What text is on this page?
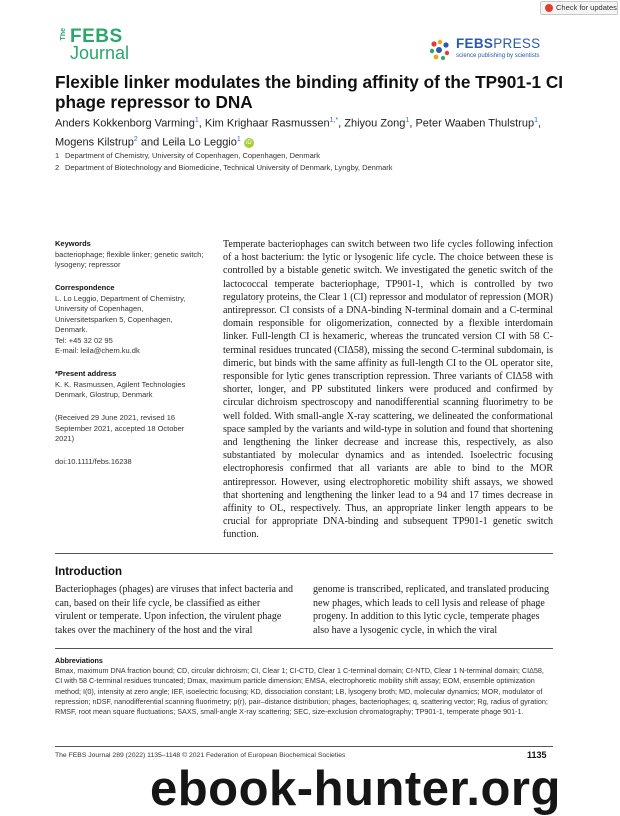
Check for updates
The FEBS
Journal	FEBSPRESS
science publishing by scientists
Flexible linker modulates the binding affinity of the TP901-1 CI phage repressor to DNA
Anders Kokkenborg Varming$^1$, Kim Krighaar Rasmussen$^{1,*}$, Zhiyou Zong$^1$, Peter Waaben Thulstrup$^1$, Mogens Kilstrup$^2$ and Leila Lo Leggio$^1$ iD
1 Department of Chemistry, University of Copenhagen, Copenhagen, Denmark
2 Department of Biotechnology and Biomedicine, Technical University of Denmark, Lyngby, Denmark
Keywords
bacteriophage; flexible linker; genetic switch; lysogeny; repressor
Correspondence
L. Lo Leggio, Department of Chemistry, University of Copenhagen, Universitetsparken 5, Copenhagen, Denmark.
Tel: +45 32 02 95
E-mail: leila@chem.ku.dk
*Present address
K. K. Rasmussen, Agilent Technologies Denmark, Glostrup, Denmark
(Received 29 June 2021, revised 16 September 2021, accepted 18 October 2021)
doi:10.1111/febs.16238
Temperate bacteriophages can switch between two life cycles following infection of a host bacterium: the lytic or lysogenic life cycle. The choice between these is controlled by a bistable genetic switch. We investigated the genetic switch of the lactococcal temperate bacteriophage, TP901-1, which is controlled by two regulatory proteins, the Clear 1 (CI) repressor and modulator of repression (MOR) antirepressor. CI consists of a DNA-binding N-terminal domain and a C-terminal domain responsible for oligomerization, connected by a flexible interdomain linker. Full-length CI is hexameric, whereas the truncated version CI with 58 C-terminal residues truncated (CIΔ58), missing the second C-terminal subdomain, is dimeric, but binds with the same affinity as full-length CI to the OL operator site, responsible for lytic genes transcription repression. Three variants of CIΔ58 with shorter, longer, and PP substituted linkers were produced and confirmed by circular dichroism spectroscopy and nanodifferential scanning fluorimetry to be well folded. With small-angle X-ray scattering, we delineated the conformational space sampled by the variants and wild-type in solution and found that shortening and lengthening the linker decrease and increase this, respectively, as also substantiated by molecular dynamics and as intended. Isoelectric focusing electrophoresis confirmed that all variants are able to bind to the MOR antirepressor. However, using electrophoretic mobility shift assays, we showed that shortening and lengthening the linker lead to a 94 and 17 times decrease in affinity to OL, respectively. Thus, an appropriate linker length appears to be crucial for appropriate DNA-binding and subsequent TP901-1 genetic switch function.
Introduction
Bacteriophages (phages) are viruses that infect bacteria and can, based on their life cycle, be classified as either virulent or temperate. Upon infection, the virulent phage takes over the machinery of the host and the viral
genome is transcribed, replicated, and translated producing new phages, which leads to cell lysis and release of phage progeny. In addition to this lytic cycle, temperate phages also have a lysogenic cycle, in which the viral
Abbreviations
Bmax, maximum DNA fraction bound; CD, circular dichroism; CI, Clear 1; CI-CTD, Clear 1 C-terminal domain; CI-NTD, Clear 1 N-terminal domain; CIΔ58, CI with 58 C-terminal residues truncated; Dmax, maximum particle dimension; EMSA, electrophoretic mobility shift assay; EOM, ensemble optimization method; I(0), intensity at zero angle; IEF, isoelectric focusing; KD, dissociation constant; LB, lysogeny broth; MD, molecular dynamics; MOR, modulator of repression; nDSF, nanodifferential scanning fluorimetry; p(r), pair–distance distribution; phages, bacteriophages; q, scattering vector; Rg, radius of gyration; RMSF, root mean square fluctuations; SAXS, small-angle X-ray scattering; SEC, size-exclusion chromatography; TP901-1, temperate phage 901-1.
The FEBS Journal 289 (2022) 1135–1148 © 2021 Federation of European Biochemical Societies	1135
ebook-hunter.org
